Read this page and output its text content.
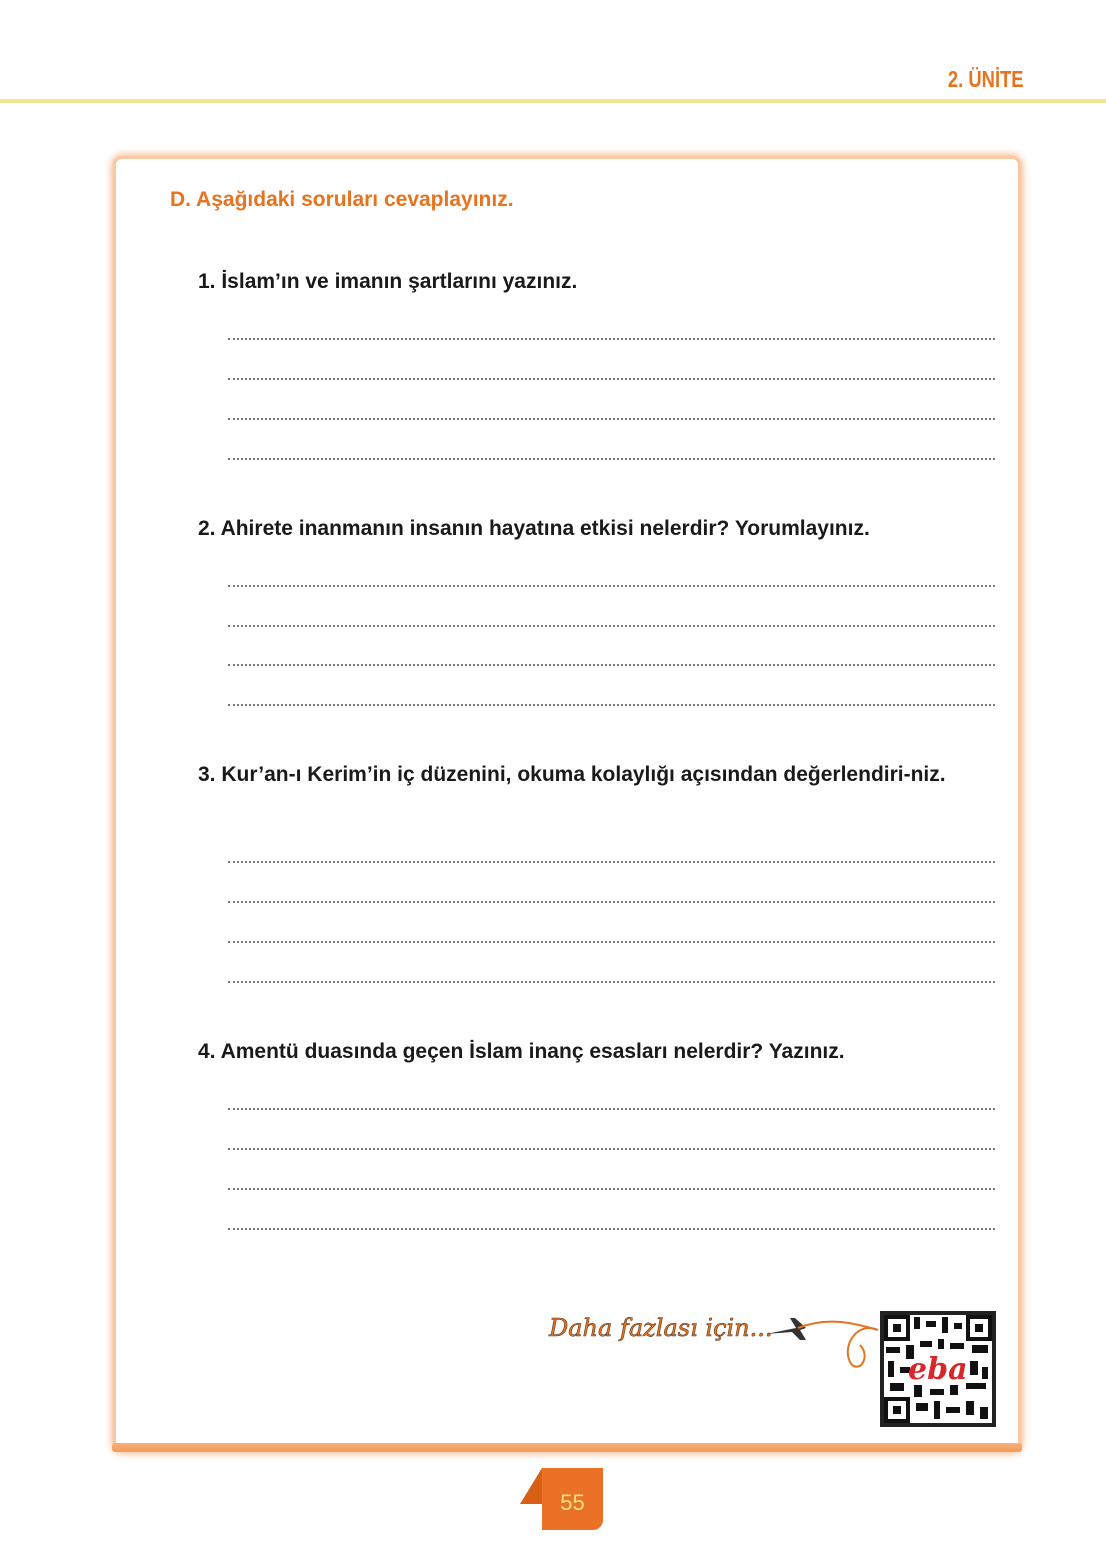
2. ÜNİTE
D. Aşağıdaki soruları cevaplayınız.
1. İslam’ın ve imanın şartlarını yazınız.
2. Ahirete inanmanın insanın hayatına etkisi nelerdir? Yorumlayınız.
3. Kur’an-ı Kerim’in iç düzenini, okuma kolaylığı açısından değerlendiri-niz.
4. Amentü duasında geçen İslam inanç esasları nelerdir? Yazınız.
Daha fazlası için...
eba
55
